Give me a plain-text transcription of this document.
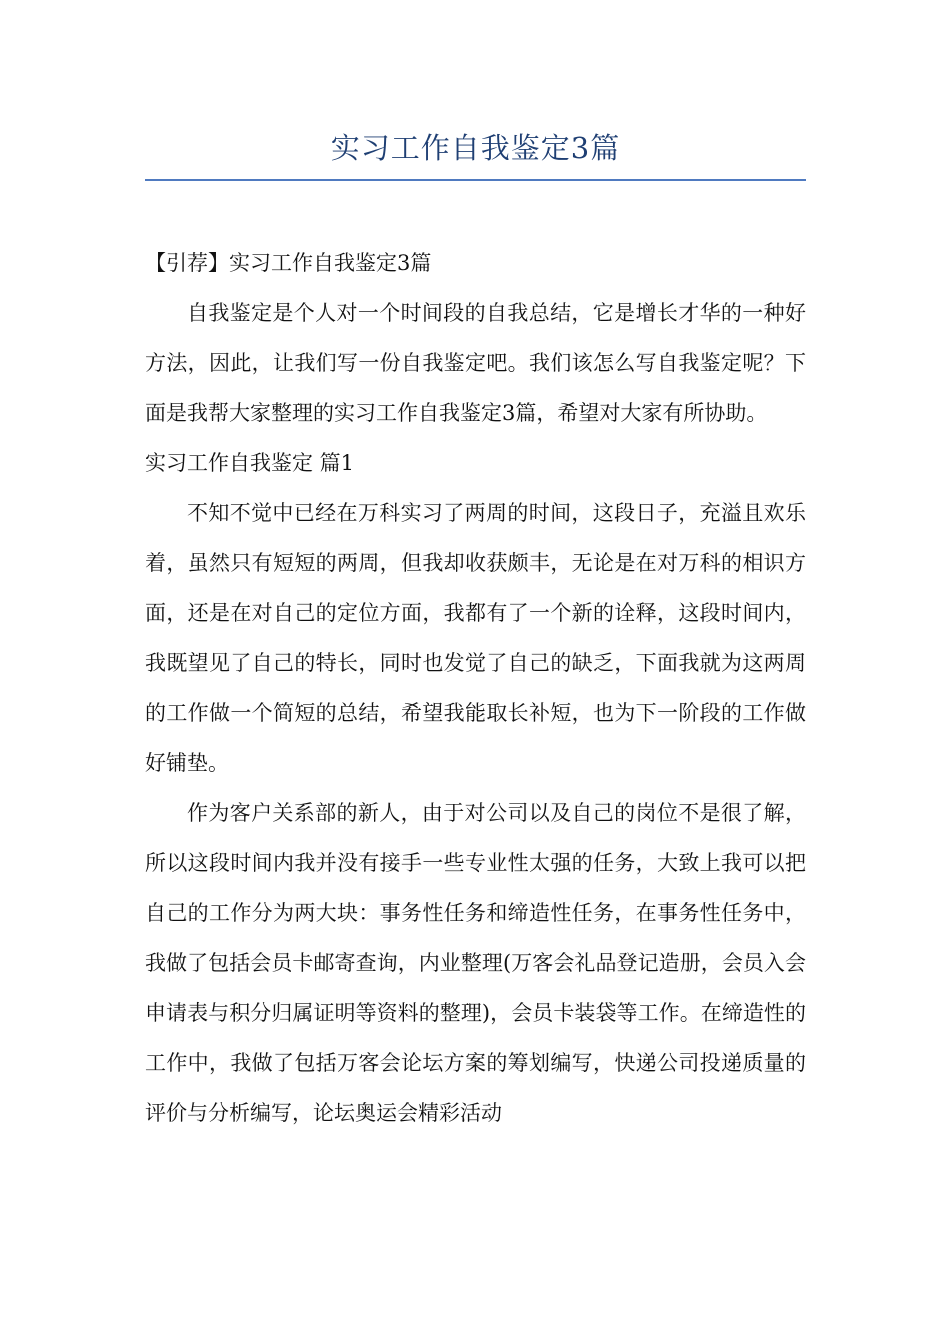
实习工作自我鉴定3篇

【引荐】实习工作自我鉴定3篇

自我鉴定是个人对一个时间段的自我总结，它是增长才华的一种好方法，因此，让我们写一份自我鉴定吧。我们该怎么写自我鉴定呢？下面是我帮大家整理的实习工作自我鉴定3篇，希望对大家有所协助。

实习工作自我鉴定 篇1

不知不觉中已经在万科实习了两周的时间，这段日子，充溢且欢乐着，虽然只有短短的两周，但我却收获颇丰，无论是在对万科的相识方面，还是在对自己的定位方面，我都有了一个新的诠释，这段时间内，我既望见了自己的特长，同时也发觉了自己的缺乏，下面我就为这两周的工作做一个简短的总结，希望我能取长补短，也为下一阶段的工作做好铺垫。

作为客户关系部的新人，由于对公司以及自己的岗位不是很了解，所以这段时间内我并没有接手一些专业性太强的任务，大致上我可以把自己的工作分为两大块：事务性任务和缔造性任务，在事务性任务中，我做了包括会员卡邮寄查询，内业整理(万客会礼品登记造册，会员入会申请表与积分归属证明等资料的整理)，会员卡装袋等工作。在缔造性的工作中，我做了包括万客会论坛方案的筹划编写，快递公司投递质量的评价与分析编写，论坛奥运会精彩活动
